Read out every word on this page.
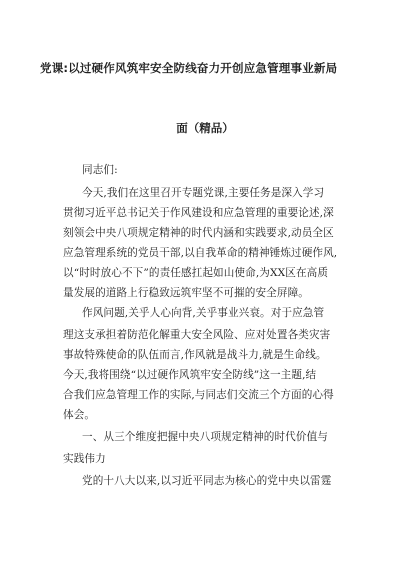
党课:以过硬作风筑牢安全防线奋力开创应急管理事业新局
面（精品）
同志们:
今天,我们在这里召开专题党课,主要任务是深入学习
贯彻习近平总书记关于作风建设和应急管理的重要论述,深
刻领会中央八项规定精神的时代内涵和实践要求,动员全区
应急管理系统的党员干部,以自我革命的精神锤炼过硬作风,
以“时时放心不下”的责任感扛起如山使命,为XX区在高质
量发展的道路上行稳致远筑牢坚不可摧的安全屏障。
作风问题,关乎人心向背,关乎事业兴衰。对于应急管
理这支承担着防范化解重大安全风险、应对处置各类灾害
事故特殊使命的队伍而言,作风就是战斗力,就是生命线。
今天,我将围绕“以过硬作风筑牢安全防线”这一主题,结
合我们应急管理工作的实际,与同志们交流三个方面的心得
体会。
一、从三个维度把握中央八项规定精神的时代价值与
实践伟力
党的十八大以来,以习近平同志为核心的党中央以雷霆
